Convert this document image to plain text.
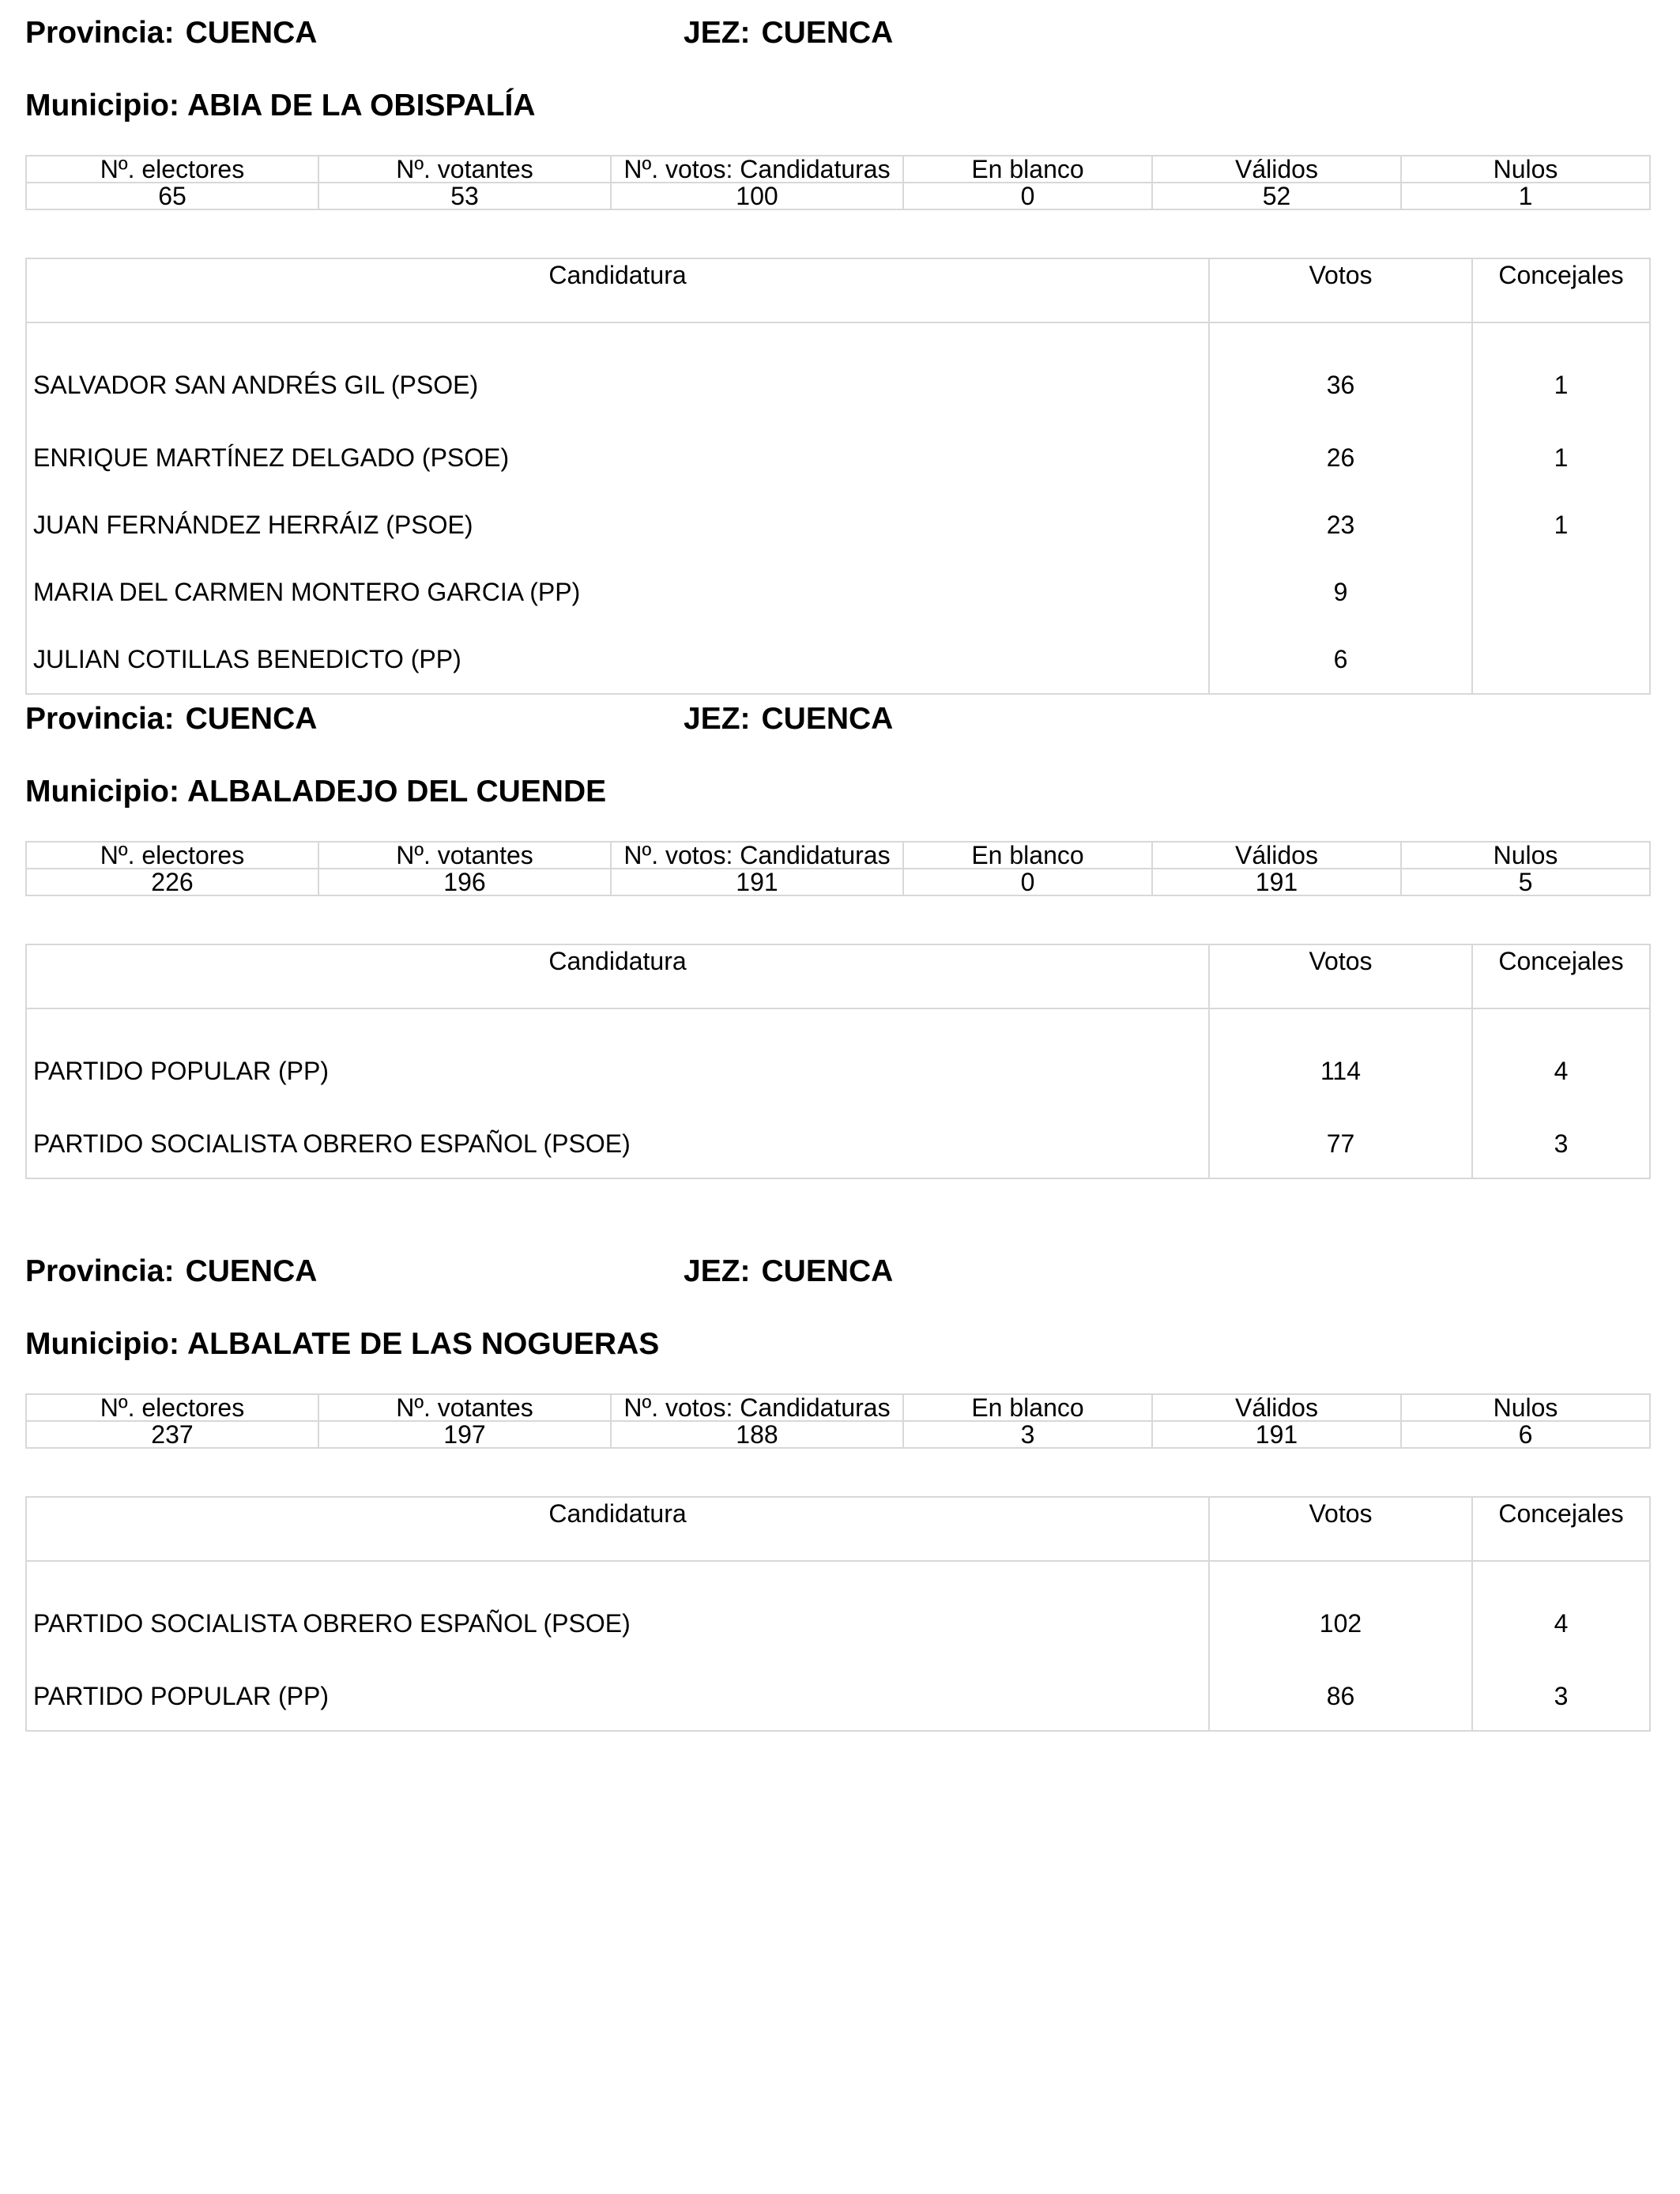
Provincia: CUENCA	JEZ: CUENCA
Municipio: ABIA DE LA OBISPALÍA
Nº. electores	Nº. votantes	Nº. votos: Candidaturas	En blanco	Válidos	Nulos
65	53	100	0	52	1
Candidatura	Votos	Concejales
SALVADOR SAN ANDRÉS GIL (PSOE)	36	1
ENRIQUE MARTÍNEZ DELGADO (PSOE)	26	1
JUAN FERNÁNDEZ HERRÁIZ (PSOE)	23	1
MARIA DEL CARMEN MONTERO GARCIA (PP)	9	
JULIAN COTILLAS BENEDICTO (PP)	6	
Provincia: CUENCA	JEZ: CUENCA
Municipio: ALBALADEJO DEL CUENDE
Nº. electores	Nº. votantes	Nº. votos: Candidaturas	En blanco	Válidos	Nulos
226	196	191	0	191	5
Candidatura	Votos	Concejales
PARTIDO POPULAR (PP)	114	4
PARTIDO SOCIALISTA OBRERO ESPAÑOL (PSOE)	77	3
Provincia: CUENCA	JEZ: CUENCA
Municipio: ALBALATE DE LAS NOGUERAS
Nº. electores	Nº. votantes	Nº. votos: Candidaturas	En blanco	Válidos	Nulos
237	197	188	3	191	6
Candidatura	Votos	Concejales
PARTIDO SOCIALISTA OBRERO ESPAÑOL (PSOE)	102	4
PARTIDO POPULAR (PP)	86	3
